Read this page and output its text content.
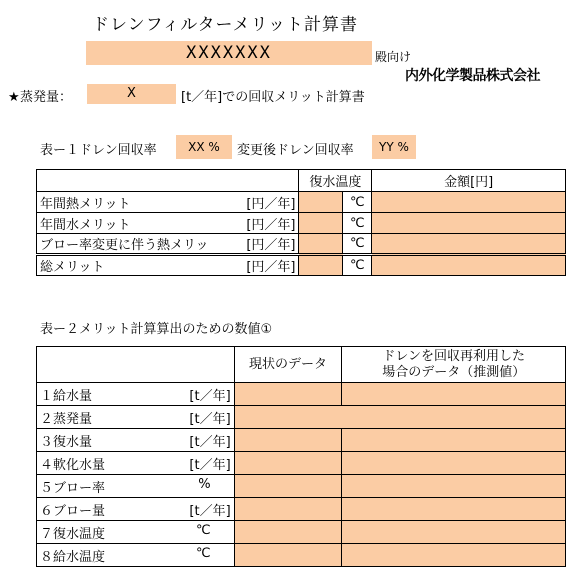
ドレンフィルターメリット計算書
XXXXXXX	殿向け
内外化学製品株式会社
★蒸発量：	X	[t／年]での回収メリット計算書
表ー１ドレン回収率	XX %	変更後ドレン回収率	YY %
	復水温度		金額[円]

年間熱メリット [円／年]		℃	

年間水メリット [円／年]		℃	

ブロー率変更に伴う熱メリッ [円／年]		℃	

総メリット [円／年]		℃	
表ー２メリット計算算出のための数値①
	現状のデータ	ドレンを回収再利用した
場合のデータ（推測値）

１給水量 [t／年]		

２蒸発量 [t／年]		

３復水量 [t／年]		

４軟化水量 [t／年]		

５ブロー率 %		

６ブロー量 [t／年]		

７復水温度 ℃		

８給水温度 ℃		
